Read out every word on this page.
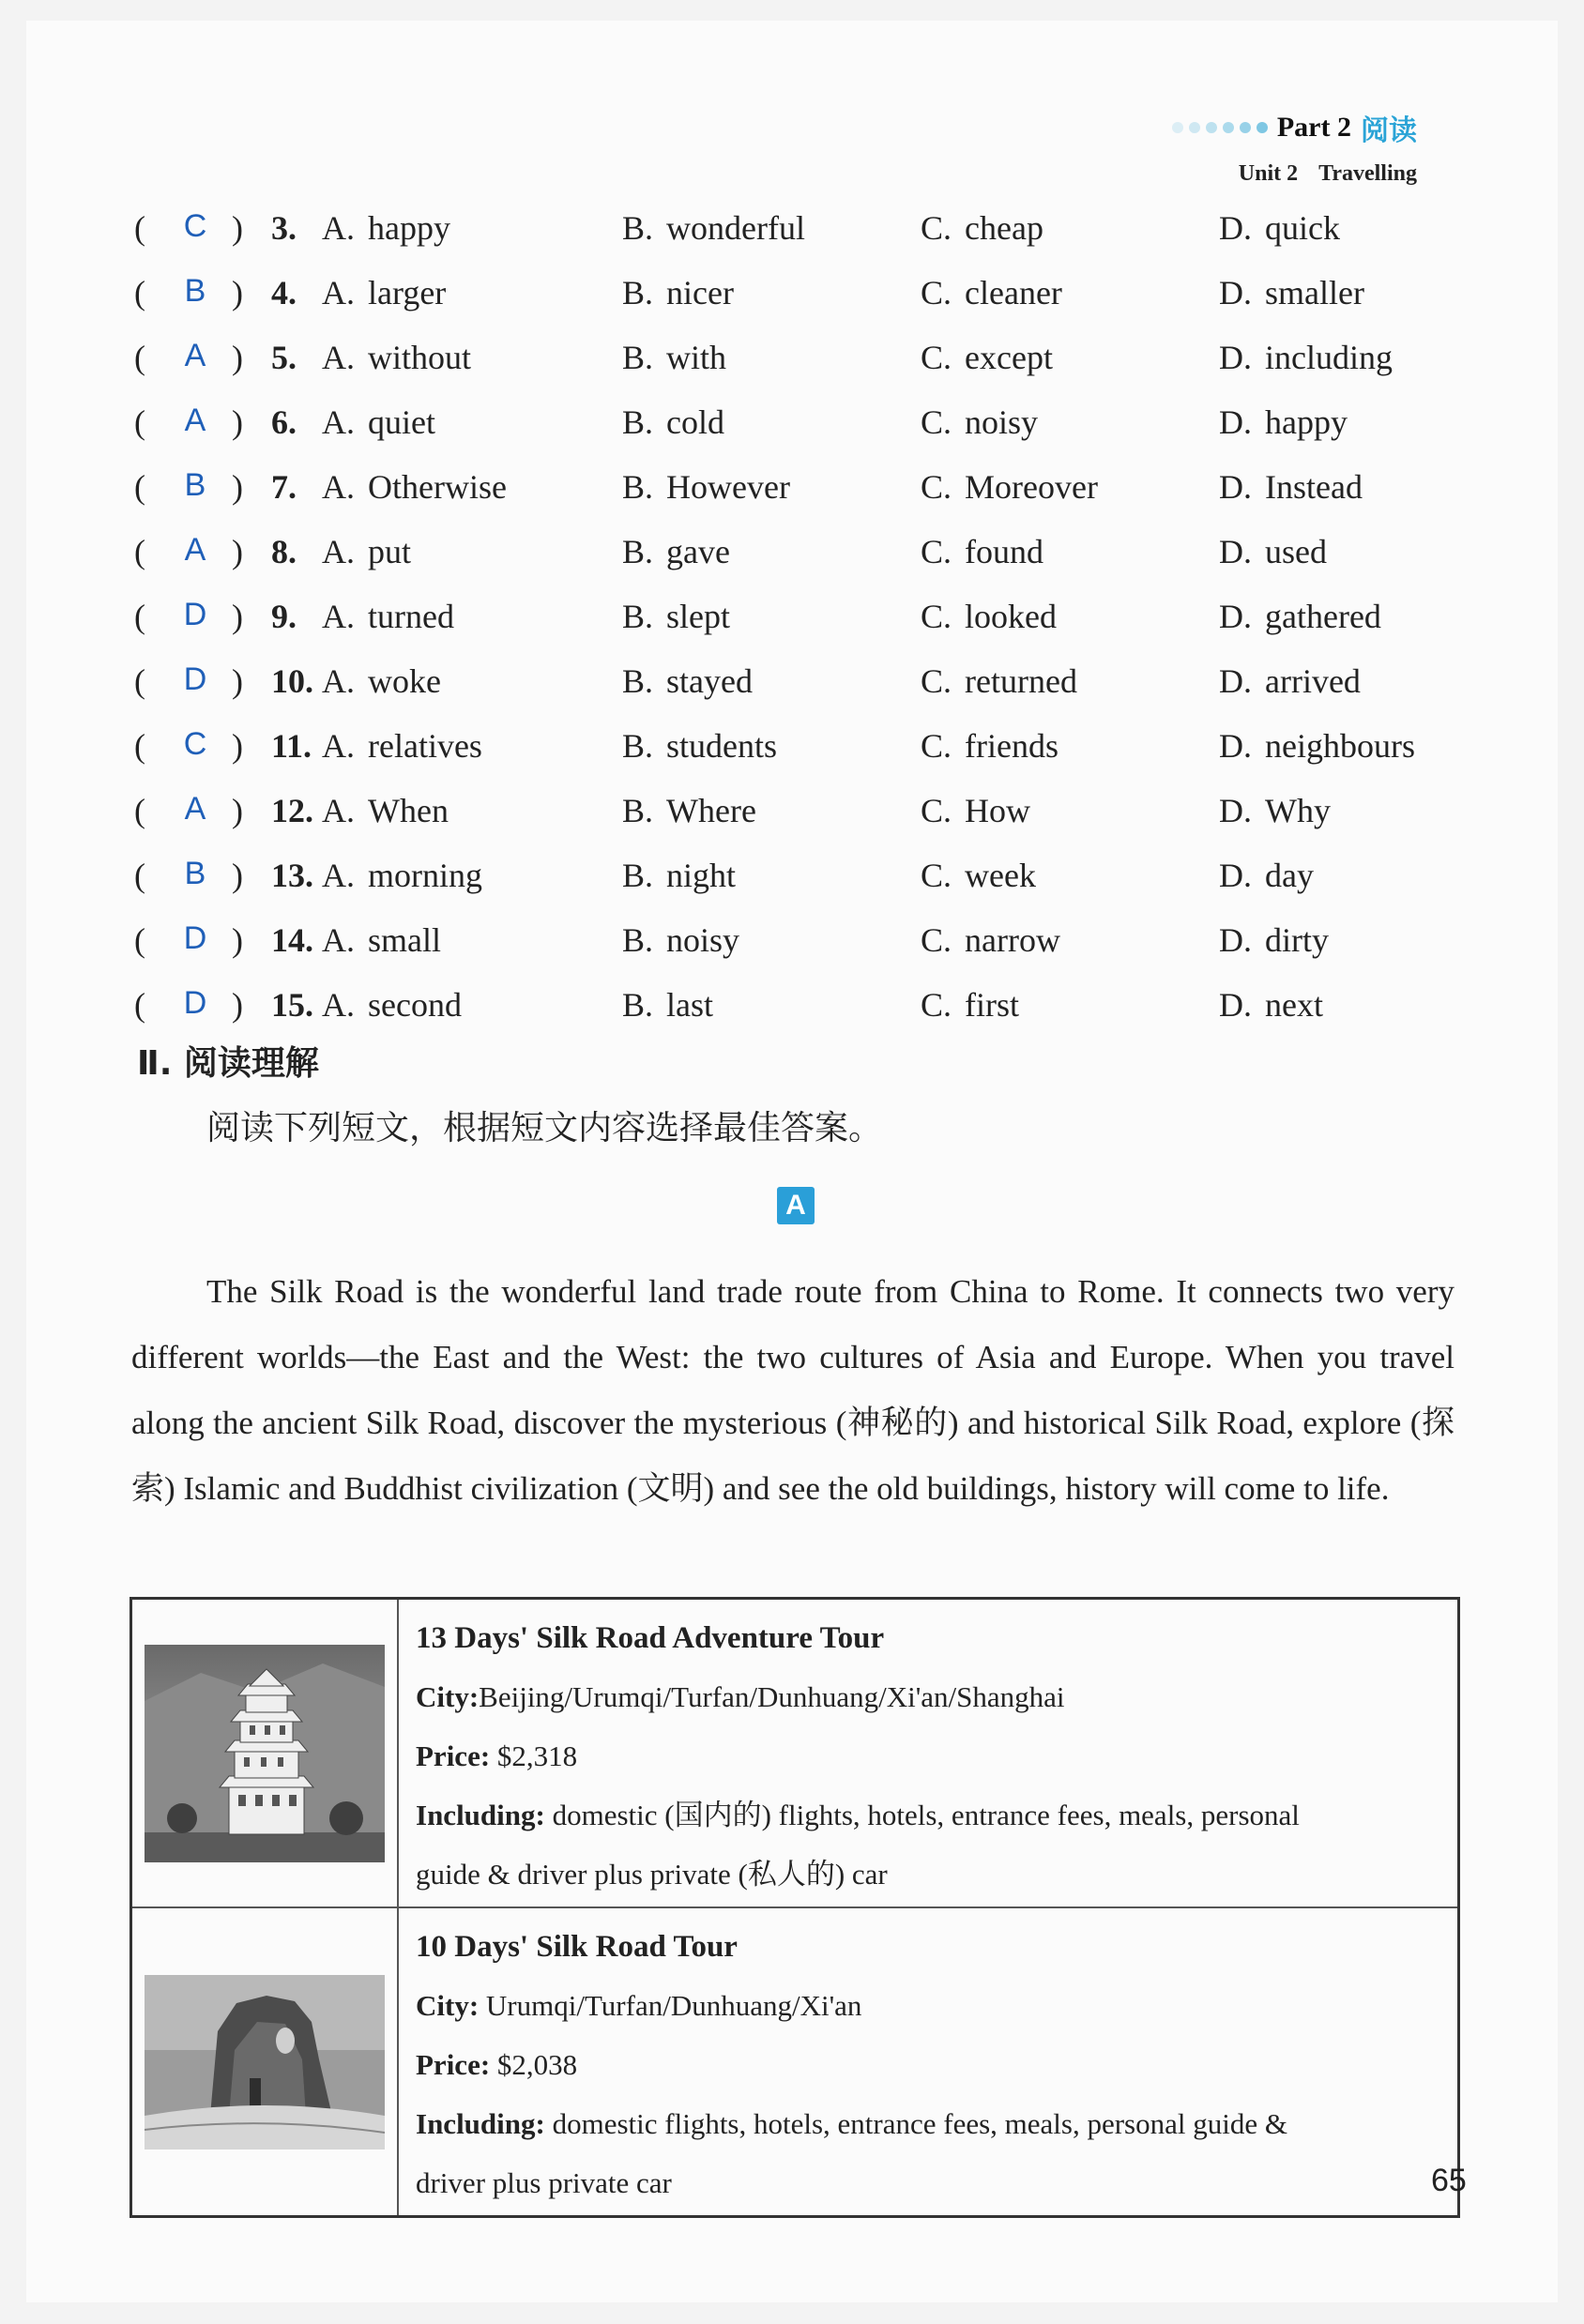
Part 2 阅读
Unit 2 Travelling
( C ) 3. A. happy	B. wonderful	C. cheap	D. quick
( B ) 4. A. larger	B. nicer	C. cleaner	D. smaller
( A ) 5. A. without	B. with	C. except	D. including
( A ) 6. A. quiet	B. cold	C. noisy	D. happy
( B ) 7. A. Otherwise	B. However	C. Moreover	D. Instead
( A ) 8. A. put	B. gave	C. found	D. used
( D ) 9. A. turned	B. slept	C. looked	D. gathered
( D ) 10. A. woke	B. stayed	C. returned	D. arrived
( C ) 11. A. relatives	B. students	C. friends	D. neighbours
( A ) 12. A. When	B. Where	C. How	D. Why
( B ) 13. A. morning	B. night	C. week	D. day
( D ) 14. A. small	B. noisy	C. narrow	D. dirty
( D ) 15. A. second	B. last	C. first	D. next
Ⅱ. 阅读理解
阅读下列短文，根据短文内容选择最佳答案。
A

The Silk Road is the wonderful land trade route from China to Rome. It connects two very different worlds—the East and the West: the two cultures of Asia and Europe. When you travel along the ancient Silk Road, discover the mysterious (神秘的) and historical Silk Road, explore (探索) Islamic and Buddhist civilization (文明) and see the old buildings, history will come to life.

13 Days' Silk Road Adventure Tour
City:Beijing/Urumqi/Turfan/Dunhuang/Xi'an/Shanghai
Price: $2,318
Including: domestic (国内的) flights, hotels, entrance fees, meals, personal
guide & driver plus private (私人的) car
10 Days' Silk Road Tour
City: Urumqi/Turfan/Dunhuang/Xi'an
Price: $2,038
Including: domestic flights, hotels, entrance fees, meals, personal guide &
driver plus private car	65
